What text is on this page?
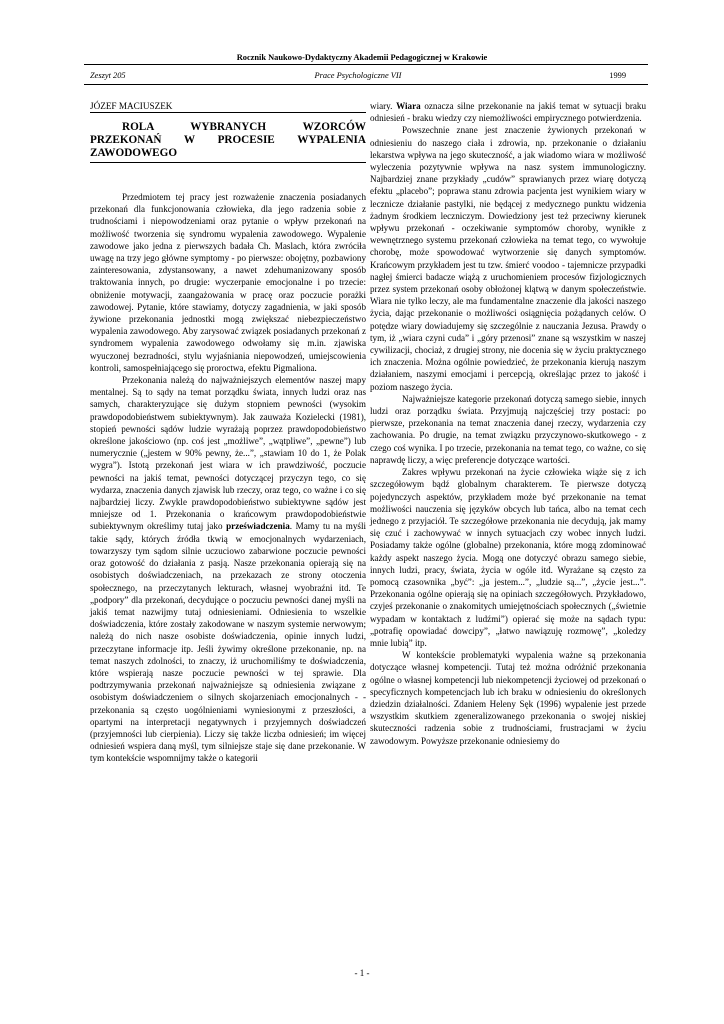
Rocznik Naukowo-Dydaktyczny Akademii Pedagogicznej w Krakowie
Zeszyt 205	Prace Psychologiczne VII	1999

JÓZEF MACIUSZEK

ROLA WYBRANYCH WZORCÓW PRZEKONAŃ W PROCESIE WYPALENIA ZAWODOWEGO

Przedmiotem tej pracy jest rozważenie znaczenia posiadanych przekonań dla funkcjonowania człowieka, dla jego radzenia sobie z trudnościami i niepowodzeniami oraz pytanie o wpływ przekonań na możliwość tworzenia się syndromu wypalenia zawodowego. Wypalenie zawodowe jako jedna z pierwszych badała Ch. Maslach, która zwróciła uwagę na trzy jego główne symptomy - po pierwsze: obojętny, pozbawiony zainteresowania, zdystansowany, a nawet zdehumanizowany sposób traktowania innych, po drugie: wyczerpanie emocjonalne i po trzecie: obniżenie motywacji, zaangażowania w pracę oraz poczucie porażki zawodowej. Pytanie, które stawiamy, dotyczy zagadnienia, w jaki sposób żywione przekonania jednostki mogą zwiększać niebezpieczeństwo wypalenia zawodowego. Aby zarysować związek posiadanych przekonań z syndromem wypalenia zawodowego odwołamy się m.in. zjawiska wyuczonej bezradności, stylu wyjaśniania niepowodzeń, umiejscowienia kontroli, samospełniającego się proroctwa, efektu Pigmaliona.

Przekonania należą do najważniejszych elementów naszej mapy mentalnej. Są to sądy na temat porządku świata, innych ludzi oraz nas samych, charakteryzujące się dużym stopniem pewności (wysokim prawdopodobieństwem subiektywnym). Jak zauważa Kozielecki (1981), stopień pewności sądów ludzie wyrażają poprzez prawdopodobieństwo określone jakościowo (np. coś jest „możliwe”, „wątpliwe”, „pewne”) lub numerycznie („jestem w 90% pewny, że...”, „stawiam 10 do 1, że Polak wygra”). Istotą przekonań jest wiara w ich prawdziwość, poczucie pewności na jakiś temat, pewności dotyczącej przyczyn tego, co się wydarza, znaczenia danych zjawisk lub rzeczy, oraz tego, co ważne i co się najbardziej liczy. Zwykle prawdopodobieństwo subiektywne sądów jest mniejsze od 1. Przekonania o krańcowym prawdopodobieństwie subiektywnym określimy tutaj jako przeświadczenia. Mamy tu na myśli takie sądy, których źródła tkwią w emocjonalnych wydarzeniach, towarzyszy tym sądom silnie uczuciowo zabarwione poczucie pewności oraz gotowość do działania z pasją. Nasze przekonania opierają się na osobistych doświadczeniach, na przekazach ze strony otoczenia społecznego, na przeczytanych lekturach, własnej wyobraźni itd. Te „podpory” dla przekonań, decydujące o poczuciu pewności danej myśli na jakiś temat nazwijmy tutaj odniesieniami. Odniesienia to wszelkie doświadczenia, które zostały zakodowane w naszym systemie nerwowym; należą do nich nasze osobiste doświadczenia, opinie innych ludzi, przeczytane informacje itp. Jeśli żywimy określone przekonanie, np. na temat naszych zdolności, to znaczy, iż uruchomiliśmy te doświadczenia, które wspierają nasze poczucie pewności w tej sprawie. Dla podtrzymywania przekonań najważniejsze są odniesienia związane z osobistym doświadczeniem o silnych skojarzeniach emocjonalnych - - przekonania są często uogólnieniami wyniesionymi z przeszłości, a opartymi na interpretacji negatywnych i przyjemnych doświadczeń (przyjemności lub cierpienia). Liczy się także liczba odniesień; im więcej odniesień wspiera daną myśl, tym silniejsze staje się dane przekonanie. W tym kontekście wspomnijmy także o kategorii

wiary. Wiara oznacza silne przekonanie na jakiś temat w sytuacji braku odniesień - braku wiedzy czy niemożliwości empirycznego potwierdzenia.

Powszechnie znane jest znaczenie żywionych przekonań w odniesieniu do naszego ciała i zdrowia, np. przekonanie o działaniu lekarstwa wpływa na jego skuteczność, a jak wiadomo wiara w możliwość wyleczenia pozytywnie wpływa na nasz system immunologiczny. Najbardziej znane przykłady „cudów” sprawianych przez wiarę dotyczą efektu „placebo”; poprawa stanu zdrowia pacjenta jest wynikiem wiary w lecznicze działanie pastylki, nie będącej z medycznego punktu widzenia żadnym środkiem leczniczym. Dowiedziony jest też przeciwny kierunek wpływu przekonań - oczekiwanie symptomów choroby, wynikłe z wewnętrznego systemu przekonań człowieka na temat tego, co wywołuje chorobę, może spowodować wytworzenie się danych symptomów. Krańcowym przykładem jest tu tzw. śmierć voodoo - tajemnicze przypadki nagłej śmierci badacze wiążą z uruchomieniem procesów fizjologicznych przez system przekonań osoby obłożonej klątwą w danym społeczeństwie. Wiara nie tylko leczy, ale ma fundamentalne znaczenie dla jakości naszego życia, dając przekonanie o możliwości osiągnięcia pożądanych celów. O potędze wiary dowiadujemy się szczególnie z nauczania Jezusa. Prawdy o tym, iż „wiara czyni cuda” i „góry przenosi” znane są wszystkim w naszej cywilizacji, chociaż, z drugiej strony, nie docenia się w życiu praktycznego ich znaczenia. Można ogólnie powiedzieć, że przekonania kierują naszym działaniem, naszymi emocjami i percepcją, określając przez to jakość i poziom naszego życia.

Najważniejsze kategorie przekonań dotyczą samego siebie, innych ludzi oraz porządku świata. Przyjmują najczęściej trzy postaci: po pierwsze, przekonania na temat znaczenia danej rzeczy, wydarzenia czy zachowania. Po drugie, na temat związku przyczynowo-skutkowego - z czego coś wynika. I po trzecie, przekonania na temat tego, co ważne, co się naprawdę liczy, a więc preferencje dotyczące wartości.

Zakres wpływu przekonań na życie człowieka wiąże się z ich szczegółowym bądź globalnym charakterem. Te pierwsze dotyczą pojedynczych aspektów, przykładem może być przekonanie na temat możliwości nauczenia się języków obcych lub tańca, albo na temat cech jednego z przyjaciół. Te szczegółowe przekonania nie decydują, jak mamy się czuć i zachowywać w innych sytuacjach czy wobec innych ludzi. Posiadamy także ogólne (globalne) przekonania, które mogą zdominować każdy aspekt naszego życia. Mogą one dotyczyć obrazu samego siebie, innych ludzi, pracy, świata, życia w ogóle itd. Wyrażane są często za pomocą czasownika „być”: „ja jestem...”, „ludzie są...”, „życie jest...”. Przekonania ogólne opierają się na opiniach szczegółowych. Przykładowo, czyjeś przekonanie o znakomitych umiejętnościach społecznych („świetnie wypadam w kontaktach z ludźmi”) opierać się może na sądach typu: „potrafię opowiadać dowcipy”, „łatwo nawiązuję rozmowę”, „koledzy mnie lubią” itp.

W kontekście problematyki wypalenia ważne są przekonania dotyczące własnej kompetencji. Tutaj też można odróżnić przekonania ogólne o własnej kompetencji lub niekompetencji życiowej od przekonań o specyficznych kompetencjach lub ich braku w odniesieniu do określonych dziedzin działalności. Zdaniem Heleny Sęk (1996) wypalenie jest przede wszystkim skutkiem zgeneralizowanego przekonania o swojej niskiej skuteczności radzenia sobie z trudnościami, frustracjami w życiu zawodowym. Powyższe przekonanie odniesiemy do

- 1 -
